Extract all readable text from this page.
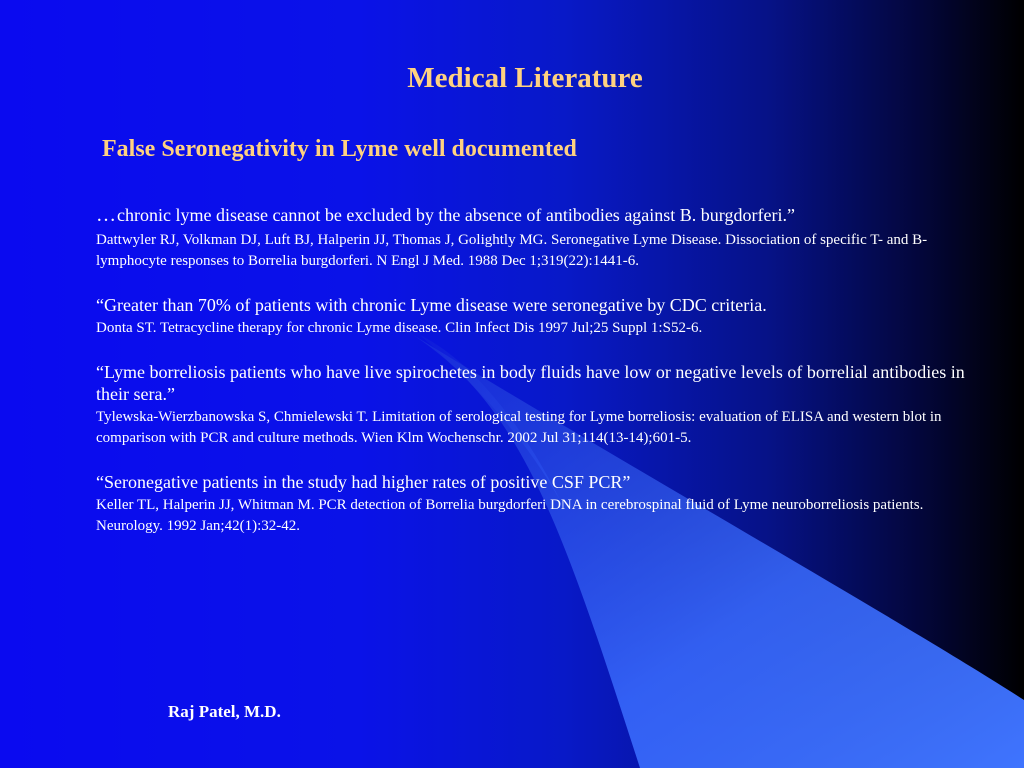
Medical Literature
False Seronegativity in Lyme well documented

…chronic lyme disease cannot be excluded by the absence of antibodies against B. burgdorferi.”

Dattwyler RJ, Volkman DJ, Luft BJ, Halperin JJ, Thomas J, Golightly MG. Seronegative Lyme Disease. Dissociation of specific T- and B- lymphocyte responses to Borrelia burgdorferi. N Engl J Med. 1988 Dec 1;319(22):1441-6.

“Greater than 70% of patients with chronic Lyme disease were seronegative by CDC criteria.

Donta ST. Tetracycline therapy for chronic Lyme disease. Clin Infect Dis 1997 Jul;25 Suppl 1:S52-6.

“Lyme borreliosis patients who have live spirochetes in body fluids have low or negative levels of borrelial antibodies in their sera.”

Tylewska-Wierzbanowska S, Chmielewski T. Limitation of serological testing for Lyme borreliosis: evaluation of ELISA and western blot in comparison with PCR and culture methods. Wien Klm Wochenschr. 2002 Jul 31;114(13-14);601-5.

“Seronegative patients in the study had higher rates of positive CSF PCR”

Keller TL, Halperin JJ, Whitman M. PCR detection of Borrelia burgdorferi DNA in cerebrospinal fluid of Lyme neuroborreliosis patients. Neurology. 1992 Jan;42(1):32-42.

Raj Patel, M.D.
